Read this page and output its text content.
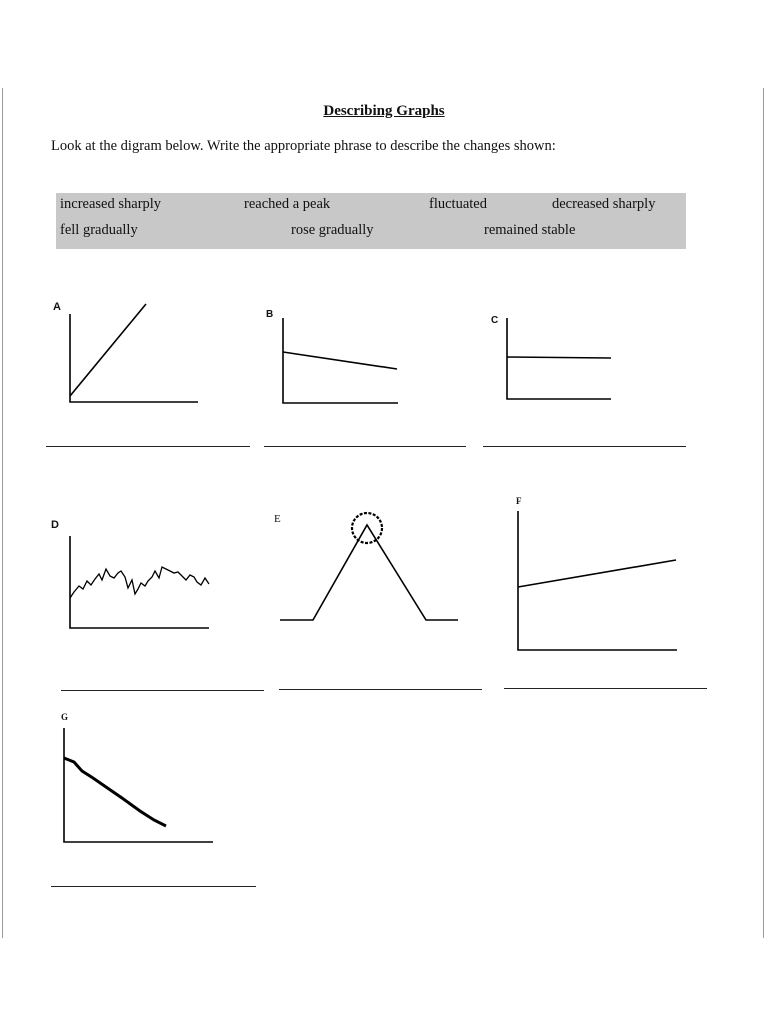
Describing Graphs
Look at the digram below. Write the appropriate phrase to describe the changes shown:
increased sharply	reached a peak	fluctuated	decreased sharply
fell gradually	rose gradually	remained stable
A
B
C
D	E
F
G
